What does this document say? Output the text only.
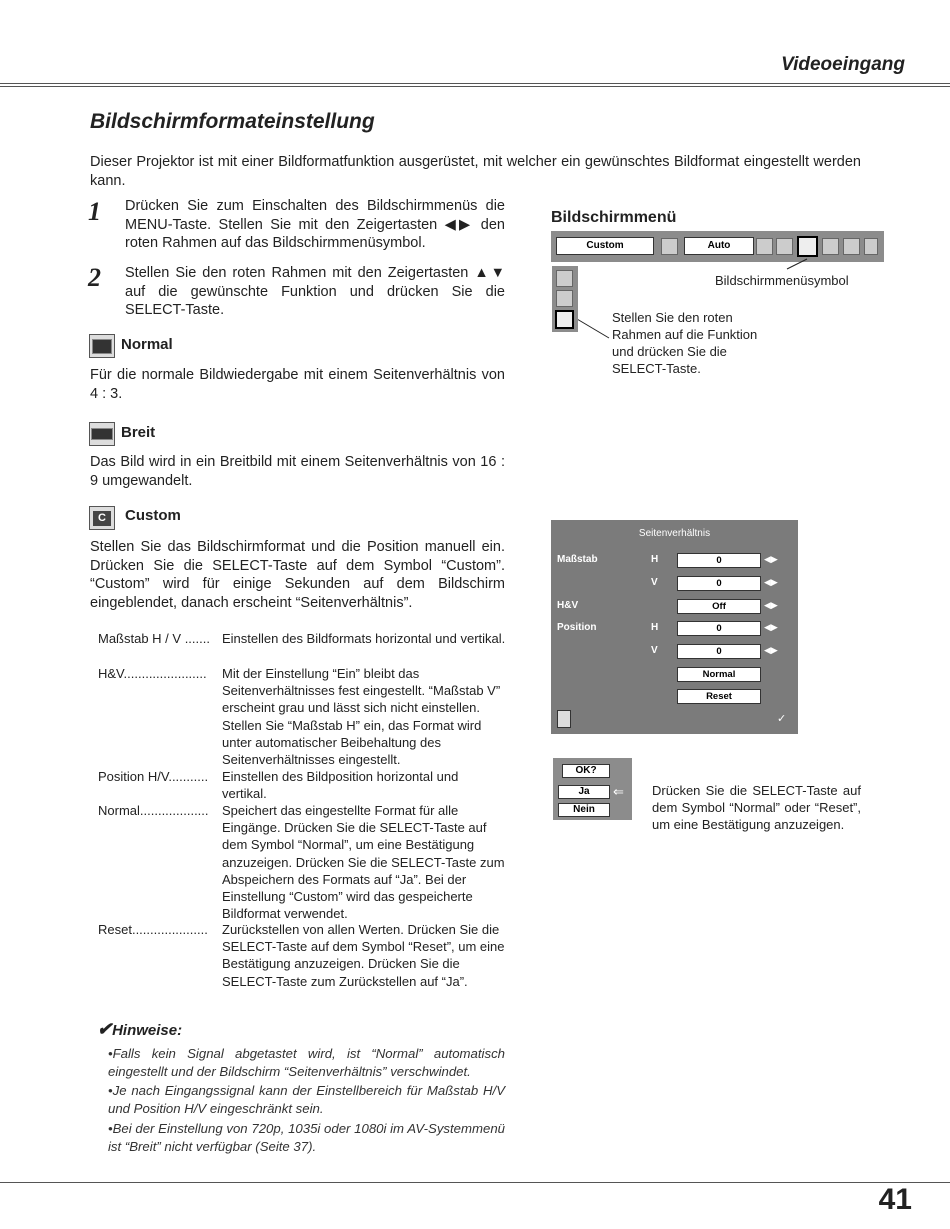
Videoeingang
Bildschirmformateinstellung
Dieser Projektor ist mit einer Bildformatfunktion ausgerüstet, mit welcher ein gewünschtes Bildformat eingestellt werden kann.
1 Drücken Sie zum Einschalten des Bildschirmmenüs die MENU-Taste. Stellen Sie mit den Zeigertasten ◀▶ den roten Rahmen auf das Bildschirmmenüsymbol.
2 Stellen Sie den roten Rahmen mit den Zeigertasten ▲▼ auf die gewünschte Funktion und drücken Sie die SELECT-Taste.
Normal
Für die normale Bildwiedergabe mit einem Seitenverhältnis von 4 : 3.
Breit
Das Bild wird in ein Breitbild mit einem Seitenverhältnis von 16 : 9 umgewandelt.
C	Custom
Stellen Sie das Bildschirmformat und die Position manuell ein. Drücken Sie die SELECT-Taste auf dem Symbol “Custom”. “Custom” wird für einige Sekunden auf dem Bildschirm eingeblendet, danach erscheint “Seitenverhältnis”.
Maßstab H / V ....... Einstellen des Bildformats horizontal und vertikal.
H&V.......................	Mit der Einstellung “Ein” bleibt das Seitenverhältnisses fest eingestellt. “Maßstab V” erscheint grau und lässt sich nicht einstellen. Stellen Sie “Maßstab H” ein, das Format wird unter automatischer Beibehaltung des Seitenverhältnisses eingestellt.
Position H/V...........	Einstellen des Bildposition horizontal und vertikal.
Normal...................	Speichert das eingestellte Format für alle Eingänge. Drücken Sie die SELECT-Taste auf dem Symbol “Normal”, um eine Bestätigung anzuzeigen. Drücken Sie die SELECT-Taste zum Abspeichern des Formats auf “Ja”. Bei der Einstellung “Custom” wird das gespeicherte Bildformat verwendet.
Reset.....................	Zurückstellen von allen Werten. Drücken Sie die SELECT-Taste auf dem Symbol “Reset”, um eine Bestätigung anzuzeigen. Drücken Sie die SELECT-Taste zum Zurückstellen auf “Ja”.
✔Hinweise:
•Falls kein Signal abgetastet wird, ist “Normal” automatisch eingestellt und der Bildschirm “Seitenverhältnis” verschwindet.
•Je nach Eingangssignal kann der Einstellbereich für Maßstab H/V und Position H/V eingeschränkt sein.
•Bei der Einstellung von 720p, 1035i oder 1080i im AV-Systemmenü ist “Breit” nicht verfügbar (Seite 37).
Bildschirmmenü
Custom	Auto
Bildschirmmenüsymbol
Stellen Sie den roten Rahmen auf die Funktion und drücken Sie die SELECT-Taste.
Seitenverhältnis
Maßstab	H	0	◀▶
V	0	◀▶
H&V	Off	◀▶
Position	H	0	◀▶
V	0	◀▶
Normal
Reset
✓
OK?
Ja
Nein
⇐ Drücken Sie die SELECT-Taste auf dem Symbol “Normal” oder “Reset”, um eine Bestätigung anzuzeigen.
41
